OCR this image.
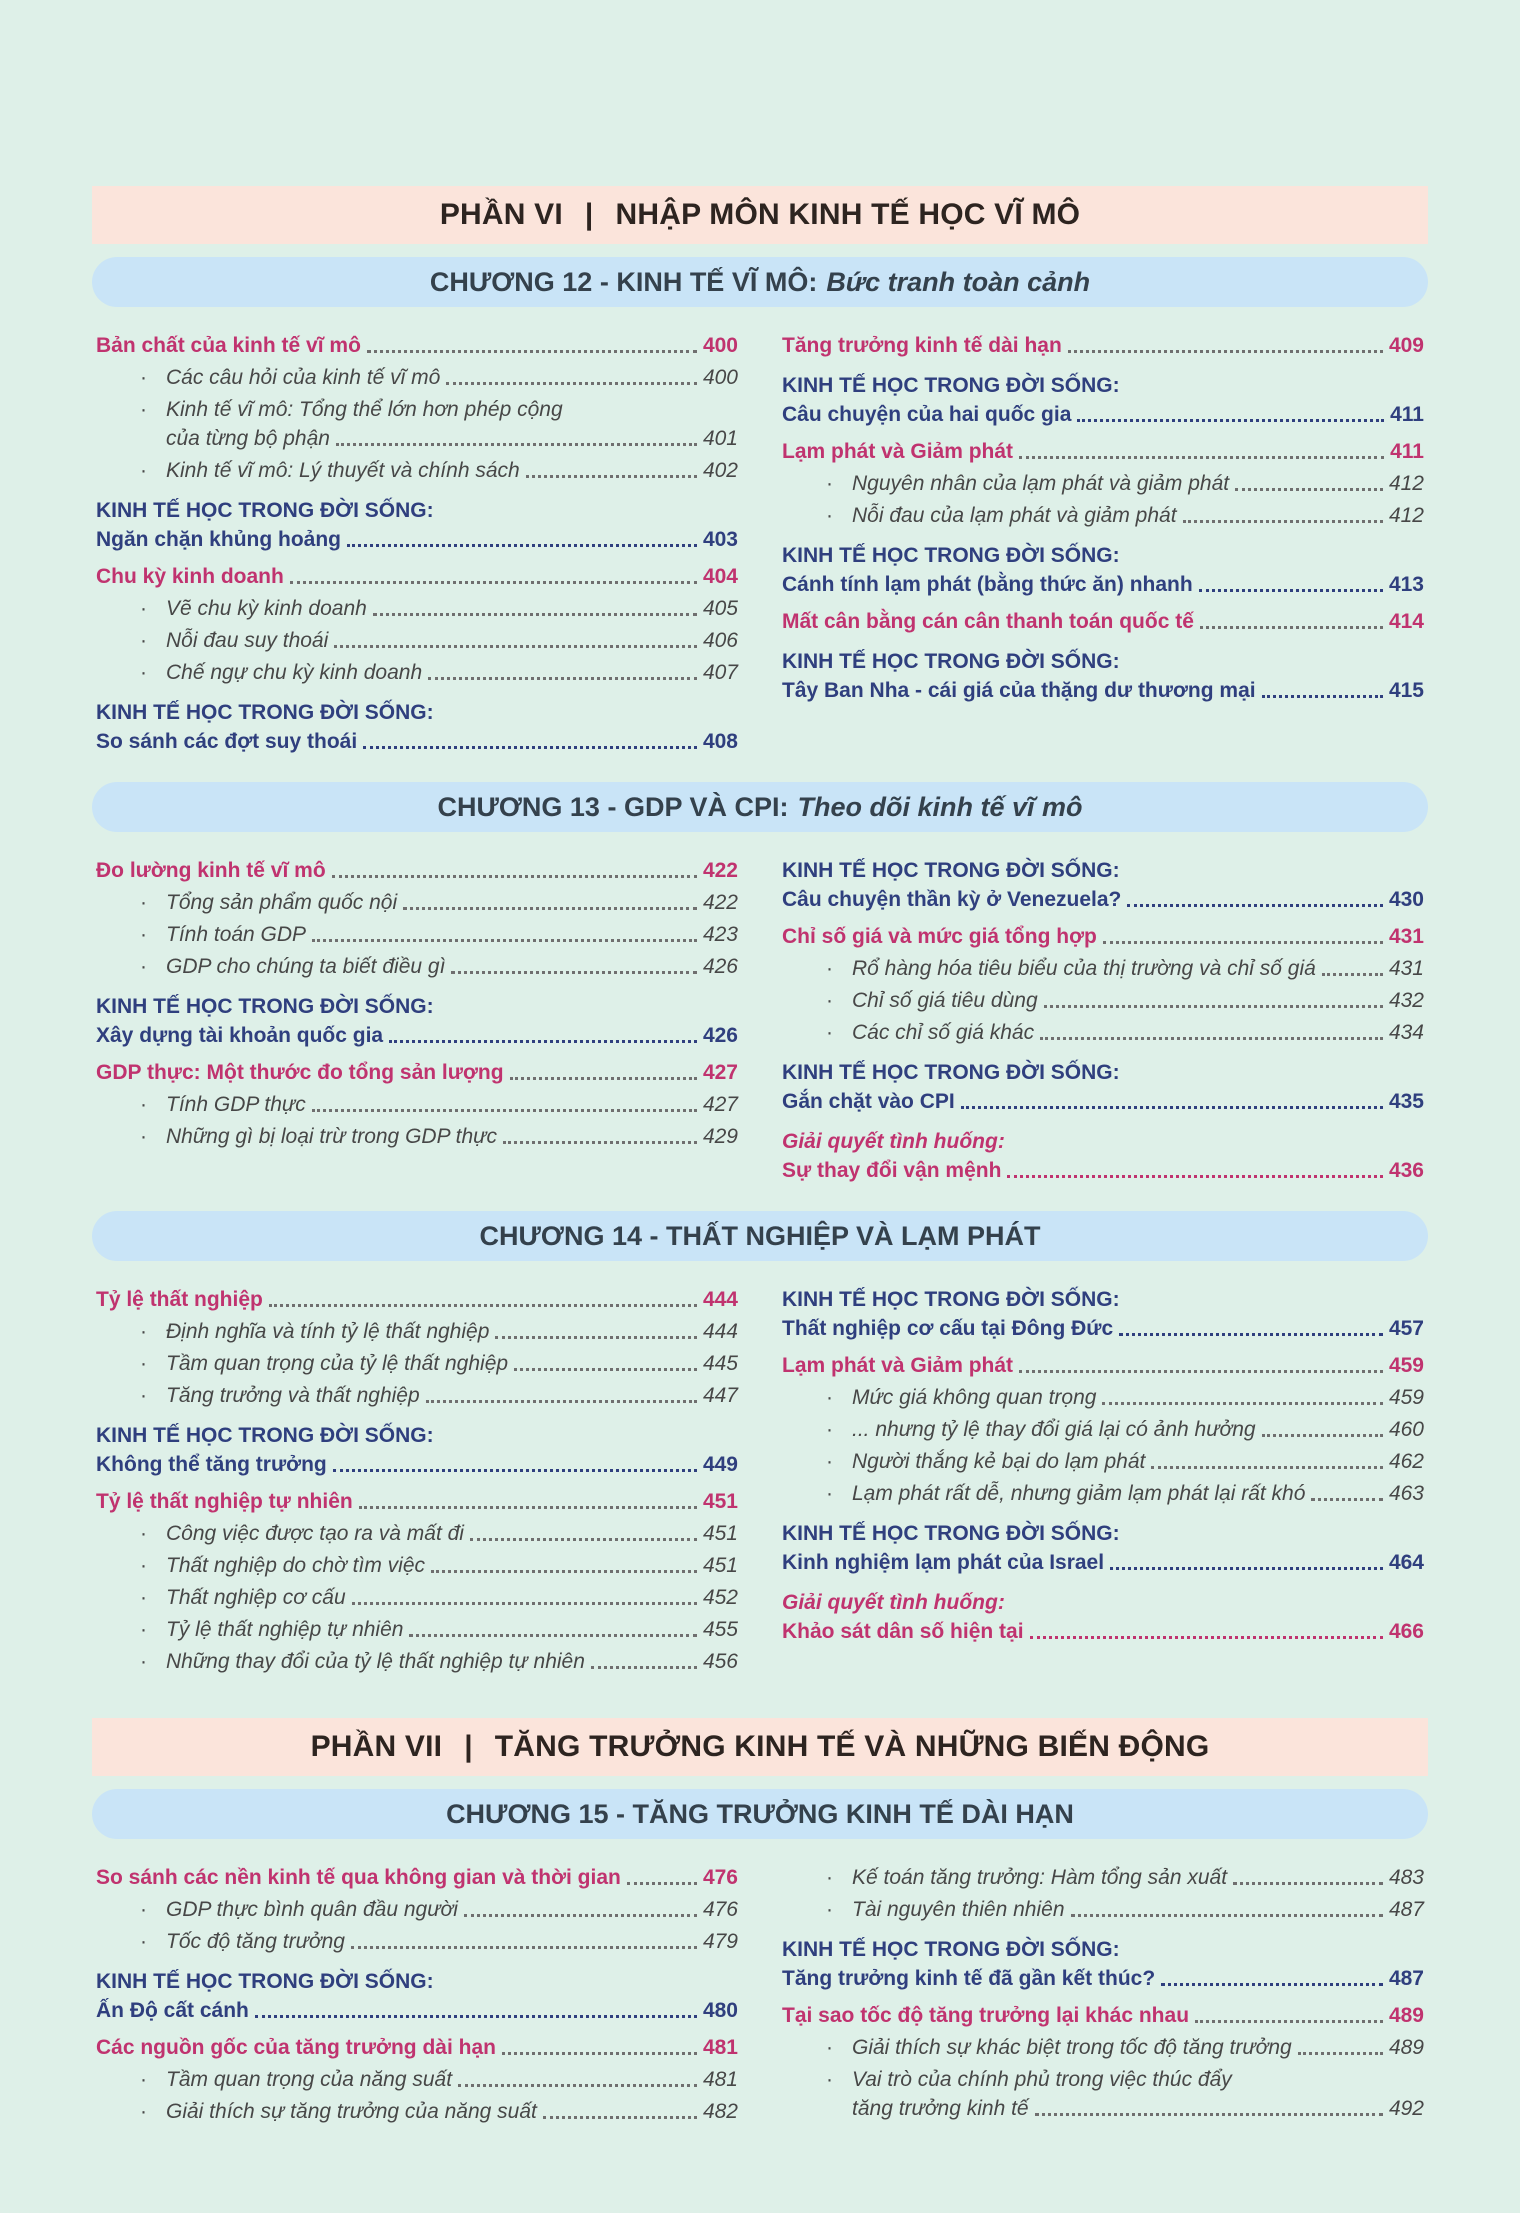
PHẦN VI | NHẬP MÔN KINH TẾ HỌC VĨ MÔ
CHƯƠNG 12 - KINH TẾ VĨ MÔ: Bức tranh toàn cảnh
Bản chất của kinh tế vĩ mô	400
· Các câu hỏi của kinh tế vĩ mô	400
· Kinh tế vĩ mô: Tổng thể lớn hơn phép cộng
của từng bộ phận	401
· Kinh tế vĩ mô: Lý thuyết và chính sách	402
KINH TẾ HỌC TRONG ĐỜI SỐNG:
Ngăn chặn khủng hoảng	403
Chu kỳ kinh doanh	404
· Vẽ chu kỳ kinh doanh	405
· Nỗi đau suy thoái	406
· Chế ngự chu kỳ kinh doanh	407
KINH TẾ HỌC TRONG ĐỜI SỐNG:
So sánh các đợt suy thoái	408
Tăng trưởng kinh tế dài hạn	409
KINH TẾ HỌC TRONG ĐỜI SỐNG:
Câu chuyện của hai quốc gia	411
Lạm phát và Giảm phát	411
· Nguyên nhân của lạm phát và giảm phát	412
· Nỗi đau của lạm phát và giảm phát	412
KINH TẾ HỌC TRONG ĐỜI SỐNG:
Cánh tính lạm phát (bằng thức ăn) nhanh	413
Mất cân bằng cán cân thanh toán quốc tế	414
KINH TẾ HỌC TRONG ĐỜI SỐNG:
Tây Ban Nha - cái giá của thặng dư thương mại	415
CHƯƠNG 13 - GDP VÀ CPI: Theo dõi kinh tế vĩ mô
Đo lường kinh tế vĩ mô	422
· Tổng sản phẩm quốc nội	422
· Tính toán GDP	423
· GDP cho chúng ta biết điều gì	426
KINH TẾ HỌC TRONG ĐỜI SỐNG:
Xây dựng tài khoản quốc gia	426
GDP thực: Một thước đo tổng sản lượng	427
· Tính GDP thực	427
· Những gì bị loại trừ trong GDP thực	429
KINH TẾ HỌC TRONG ĐỜI SỐNG:
Câu chuyện thần kỳ ở Venezuela?	430
Chỉ số giá và mức giá tổng hợp	431
· Rổ hàng hóa tiêu biểu của thị trường và chỉ số giá	431
· Chỉ số giá tiêu dùng	432
· Các chỉ số giá khác	434
KINH TẾ HỌC TRONG ĐỜI SỐNG:
Gắn chặt vào CPI	435
Giải quyết tình huống:
Sự thay đổi vận mệnh	436
CHƯƠNG 14 - THẤT NGHIỆP VÀ LẠM PHÁT
Tỷ lệ thất nghiệp	444
· Định nghĩa và tính tỷ lệ thất nghiệp	444
· Tầm quan trọng của tỷ lệ thất nghiệp	445
· Tăng trưởng và thất nghiệp	447
KINH TẾ HỌC TRONG ĐỜI SỐNG:
Không thể tăng trưởng	449
Tỷ lệ thất nghiệp tự nhiên	451
· Công việc được tạo ra và mất đi	451
· Thất nghiệp do chờ tìm việc	451
· Thất nghiệp cơ cấu	452
· Tỷ lệ thất nghiệp tự nhiên	455
· Những thay đổi của tỷ lệ thất nghiệp tự nhiên	456
KINH TẾ HỌC TRONG ĐỜI SỐNG:
Thất nghiệp cơ cấu tại Đông Đức	457
Lạm phát và Giảm phát	459
· Mức giá không quan trọng	459
· ... nhưng tỷ lệ thay đổi giá lại có ảnh hưởng	460
· Người thắng kẻ bại do lạm phát	462
· Lạm phát rất dễ, nhưng giảm lạm phát lại rất khó	463
KINH TẾ HỌC TRONG ĐỜI SỐNG:
Kinh nghiệm lạm phát của Israel	464
Giải quyết tình huống:
Khảo sát dân số hiện tại	466
PHẦN VII | TĂNG TRƯỞNG KINH TẾ VÀ NHỮNG BIẾN ĐỘNG
CHƯƠNG 15 - TĂNG TRƯỞNG KINH TẾ DÀI HẠN
So sánh các nền kinh tế qua không gian và thời gian	476
· GDP thực bình quân đầu người	476
· Tốc độ tăng trưởng	479
KINH TẾ HỌC TRONG ĐỜI SỐNG:
Ấn Độ cất cánh	480
Các nguồn gốc của tăng trưởng dài hạn	481
· Tầm quan trọng của năng suất	481
· Giải thích sự tăng trưởng của năng suất	482
· Kế toán tăng trưởng: Hàm tổng sản xuất	483
· Tài nguyên thiên nhiên	487
KINH TẾ HỌC TRONG ĐỜI SỐNG:
Tăng trưởng kinh tế đã gần kết thúc?	487
Tại sao tốc độ tăng trưởng lại khác nhau	489
· Giải thích sự khác biệt trong tốc độ tăng trưởng	489
· Vai trò của chính phủ trong việc thúc đẩy
tăng trưởng kinh tế	492
